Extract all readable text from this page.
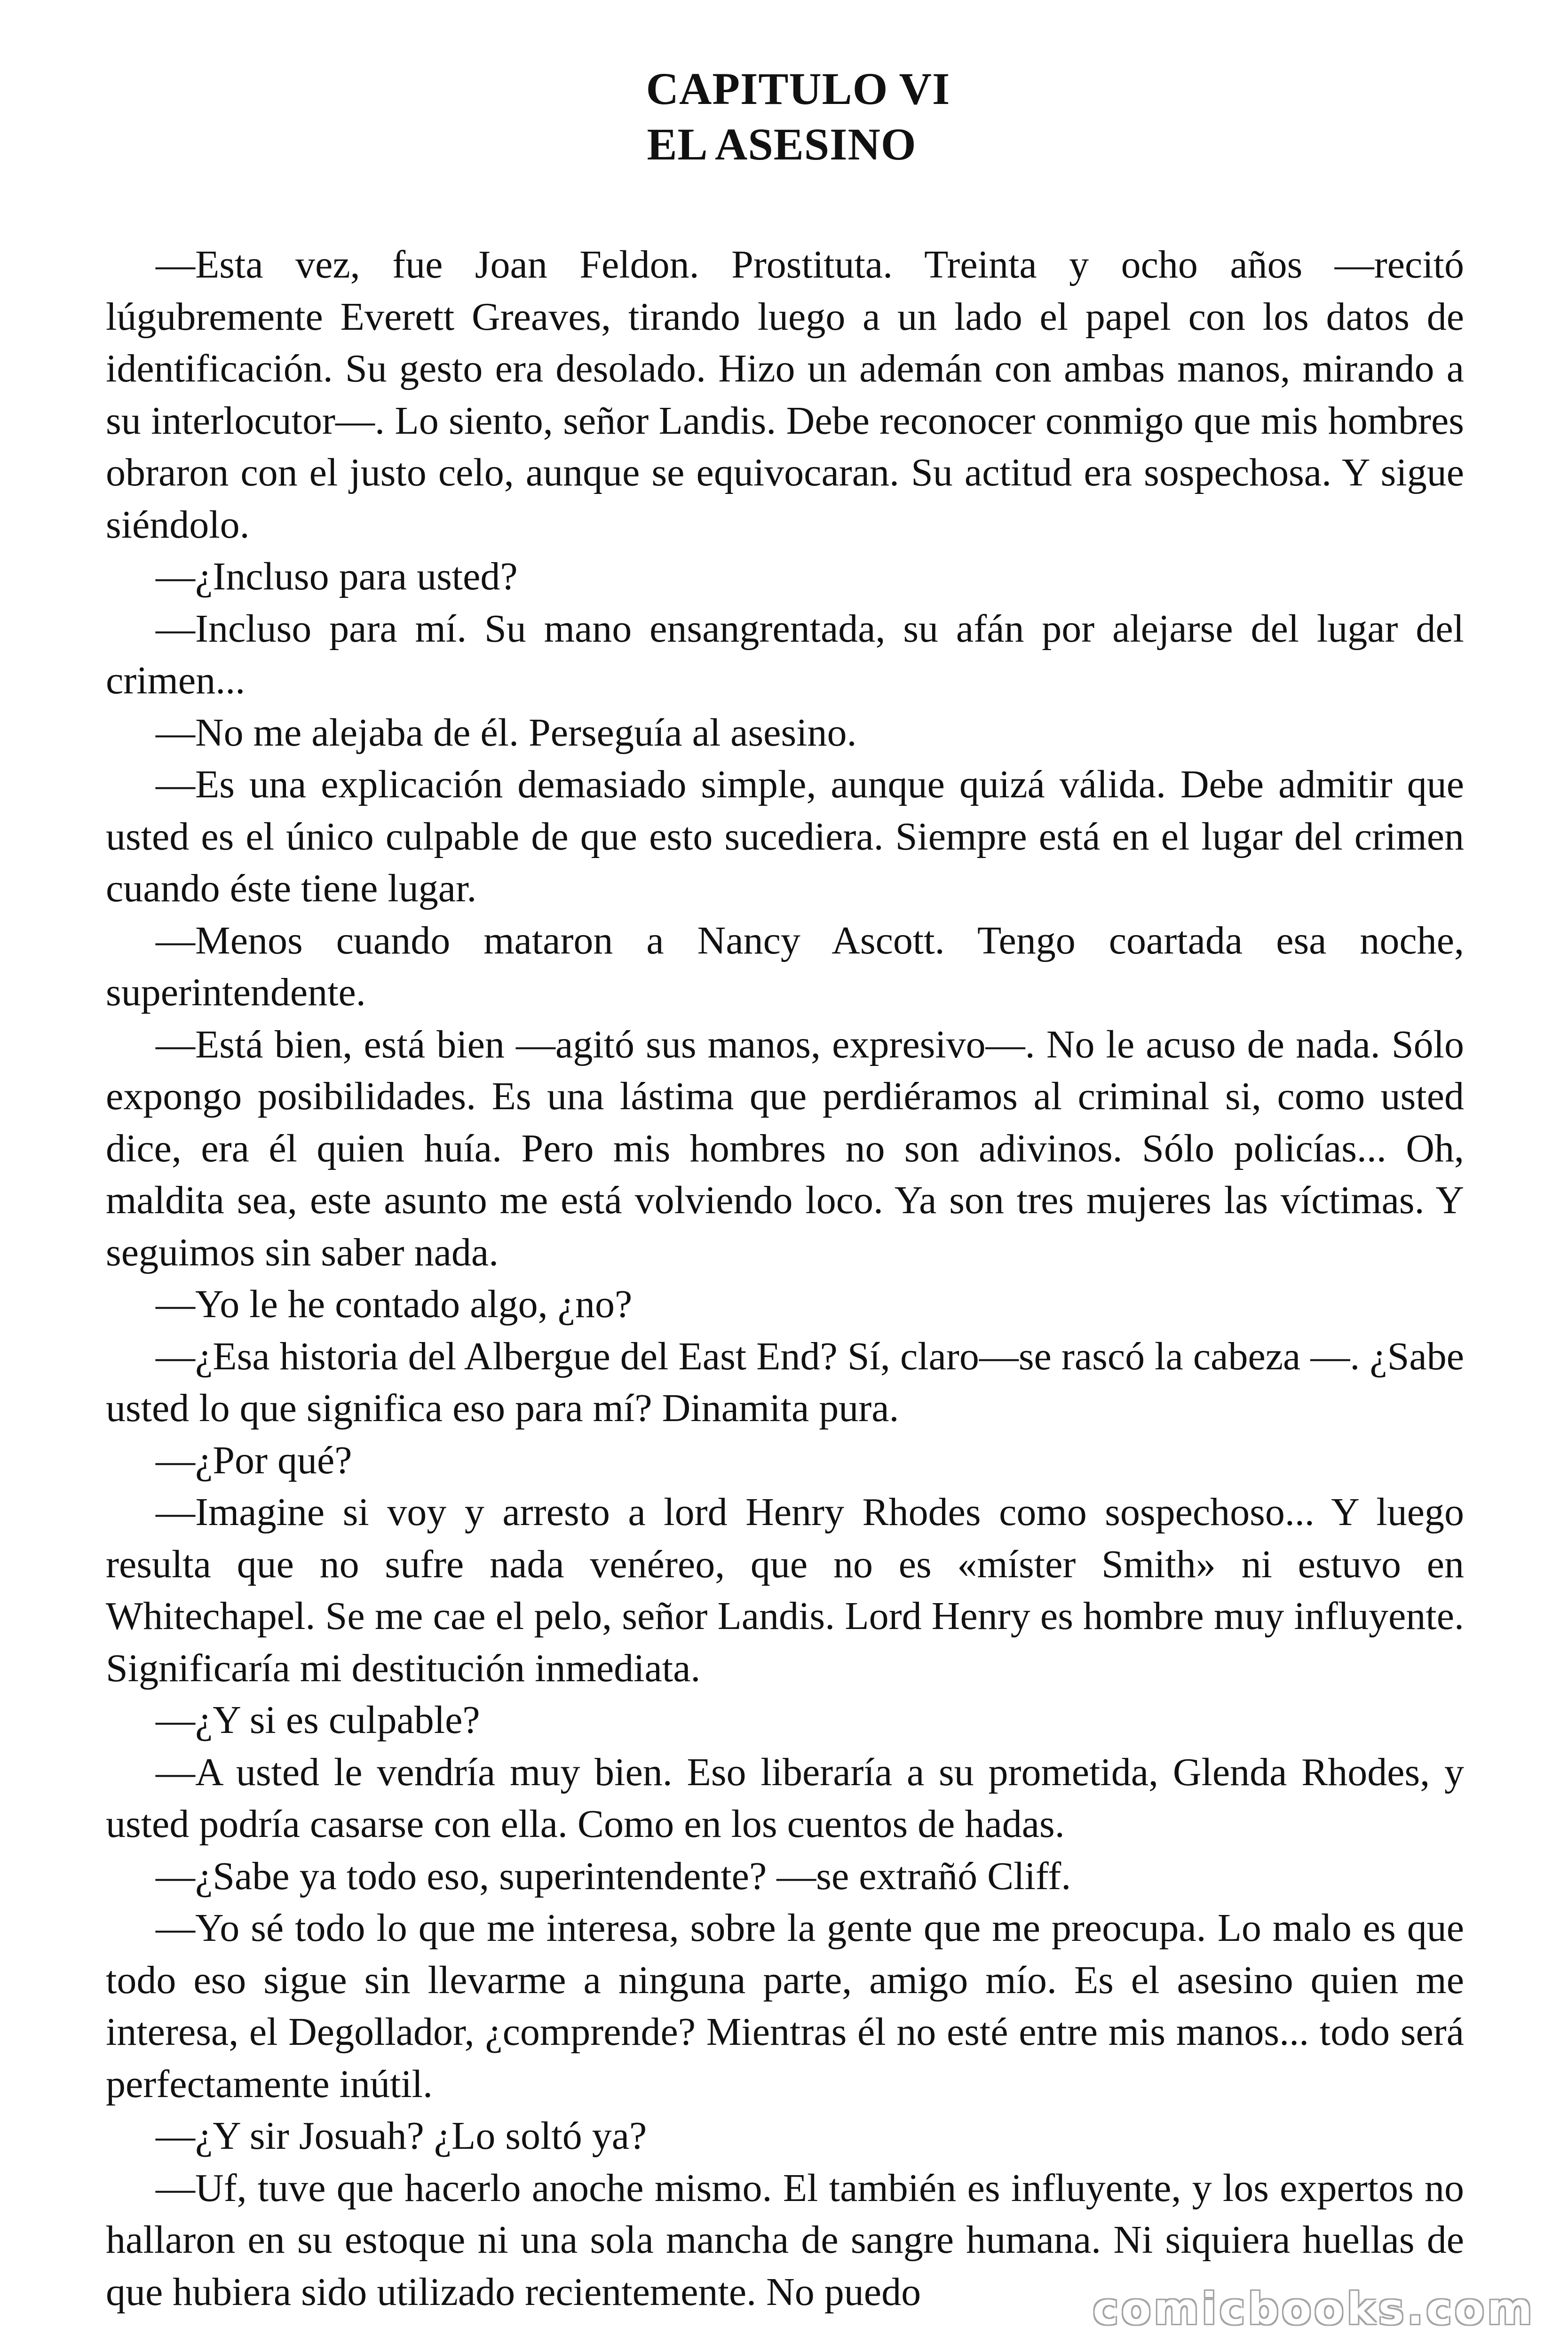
CAPITULO VI
EL ASESINO

—Esta vez, fue Joan Feldon. Prostituta. Treinta y ocho años —recitó lúgubremente Everett Greaves, tirando luego a un lado el papel con los datos de identificación. Su gesto era desolado. Hizo un ademán con ambas manos, mirando a su interlocutor—. Lo siento, señor Landis. Debe reconocer conmigo que mis hombres obraron con el justo celo, aunque se equivocaran. Su actitud era sospechosa. Y sigue siéndolo.

—¿Incluso para usted?

—Incluso para mí. Su mano ensangrentada, su afán por alejarse del lugar del crimen...

—No me alejaba de él. Perseguía al asesino.

—Es una explicación demasiado simple, aunque quizá válida. Debe admitir que usted es el único culpable de que esto sucediera. Siempre está en el lugar del crimen cuando éste tiene lugar.

—Menos cuando mataron a Nancy Ascott. Tengo coartada esa noche, superintendente.

—Está bien, está bien —agitó sus manos, expresivo—. No le acuso de nada. Sólo expongo posibilidades. Es una lástima que perdiéramos al criminal si, como usted dice, era él quien huía. Pero mis hombres no son adivinos. Sólo policías... Oh, maldita sea, este asunto me está volviendo loco. Ya son tres mujeres las víctimas. Y seguimos sin saber nada.

—Yo le he contado algo, ¿no?

—¿Esa historia del Albergue del East End? Sí, claro—se rascó la cabeza —. ¿Sabe usted lo que significa eso para mí? Dinamita pura.

—¿Por qué?

—Imagine si voy y arresto a lord Henry Rhodes como sospechoso... Y luego resulta que no sufre nada venéreo, que no es «míster Smith» ni estuvo en Whitechapel. Se me cae el pelo, señor Landis. Lord Henry es hombre muy influyente. Significaría mi destitución inmediata.

—¿Y si es culpable?

—A usted le vendría muy bien. Eso liberaría a su prometida, Glenda Rhodes, y usted podría casarse con ella. Como en los cuentos de hadas.

—¿Sabe ya todo eso, superintendente? —se extrañó Cliff.

—Yo sé todo lo que me interesa, sobre la gente que me preocupa. Lo malo es que todo eso sigue sin llevarme a ninguna parte, amigo mío. Es el asesino quien me interesa, el Degollador, ¿comprende? Mientras él no esté entre mis manos... todo será perfectamente inútil.

—¿Y sir Josuah? ¿Lo soltó ya?

—Uf, tuve que hacerlo anoche mismo. El también es influyente, y los expertos no hallaron en su estoque ni una sola mancha de sangre humana. Ni siquiera huellas de que hubiera sido utilizado recientemente. No puedo	comicbooks.com
